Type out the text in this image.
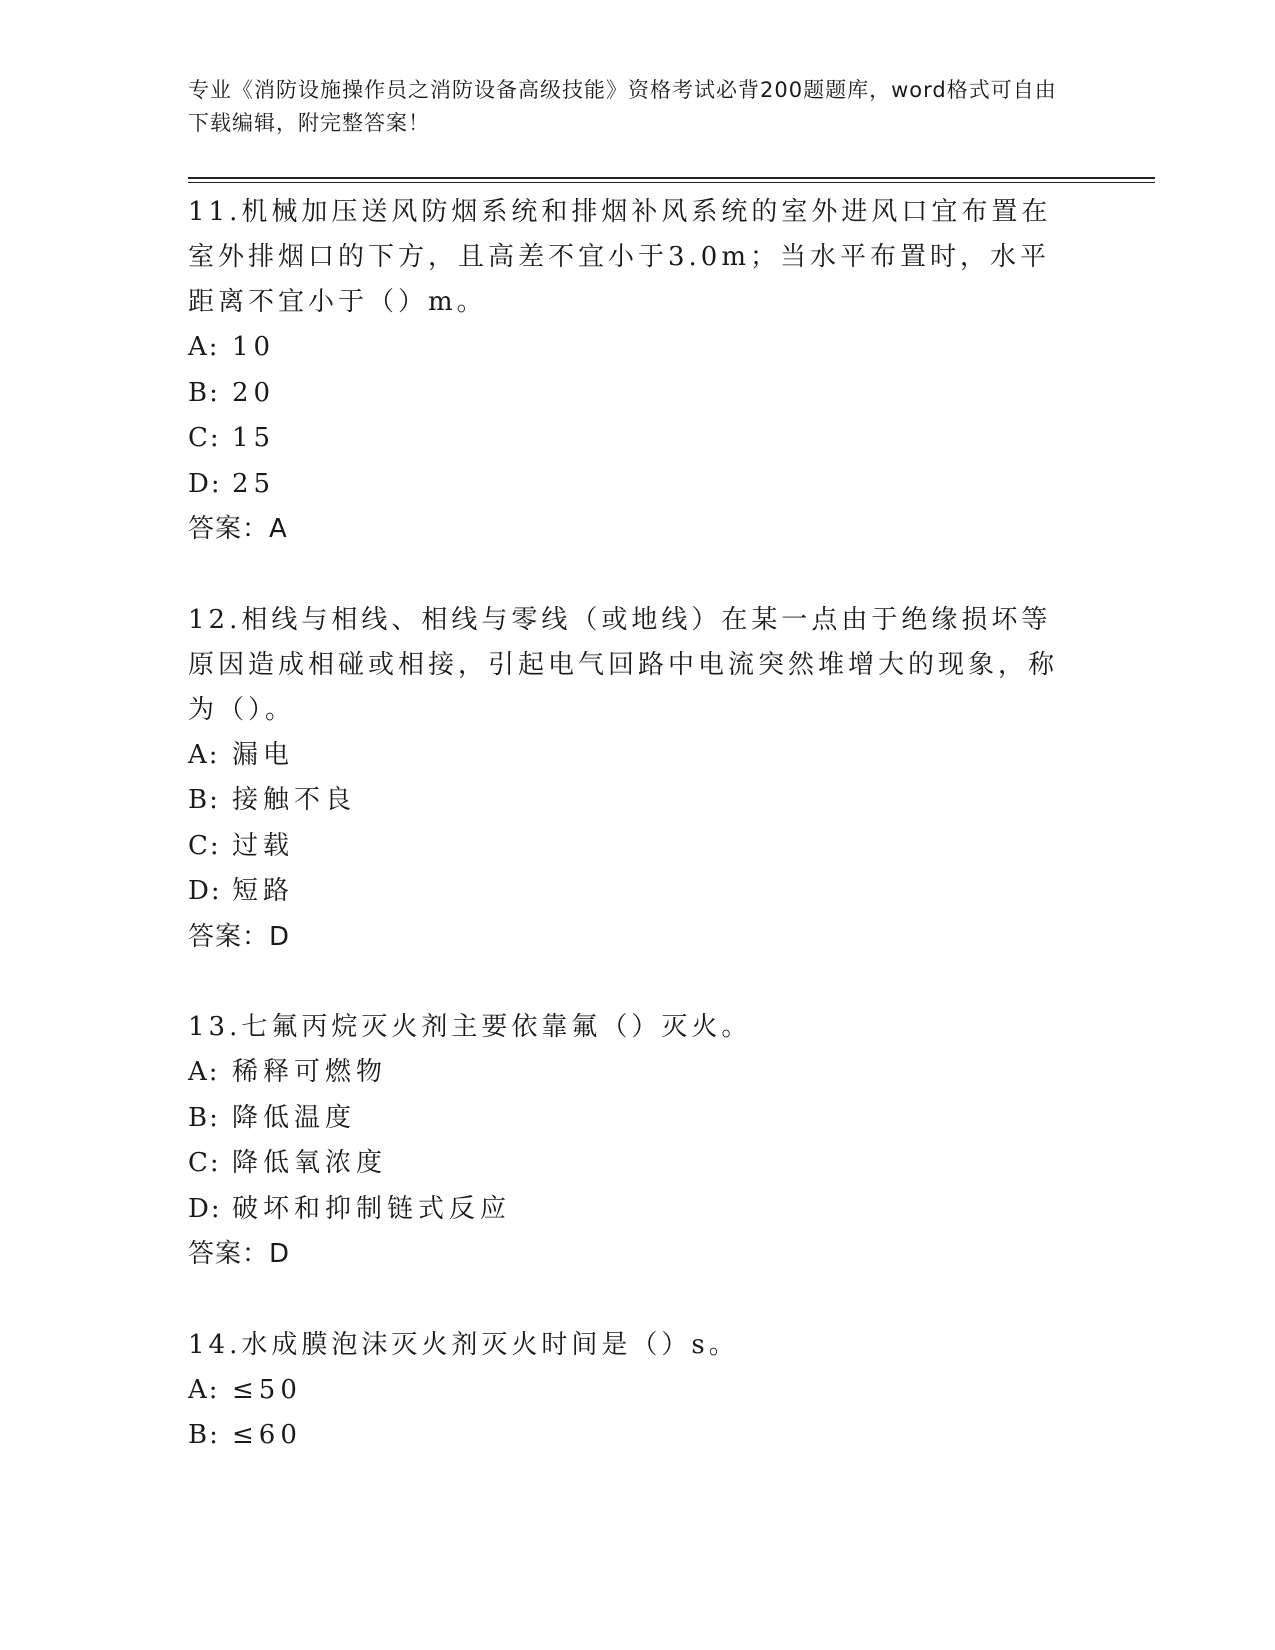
专业《消防设施操作员之消防设备高级技能》资格考试必背200题题库，word格式可自由下载编辑，附完整答案！

11.机械加压送风防烟系统和排烟补风系统的室外进风口宜布置在室外排烟口的下方，且高差不宜小于3.0m；当水平布置时，水平距离不宜小于（）m。

A: 10
B: 20
C: 15
D: 25
答案：A

12.相线与相线、相线与零线（或地线）在某一点由于绝缘损坏等原因造成相碰或相接，引起电气回路中电流突然堆增大的现象，称为（）。

A: 漏电
B: 接触不良
C: 过载
D: 短路
答案：D

13.七氟丙烷灭火剂主要依靠氟（）灭火。

A: 稀释可燃物
B: 降低温度
C: 降低氧浓度
D: 破坏和抑制链式反应
答案：D

14.水成膜泡沫灭火剂灭火时间是（）s。

A: ≤50
B: ≤60
